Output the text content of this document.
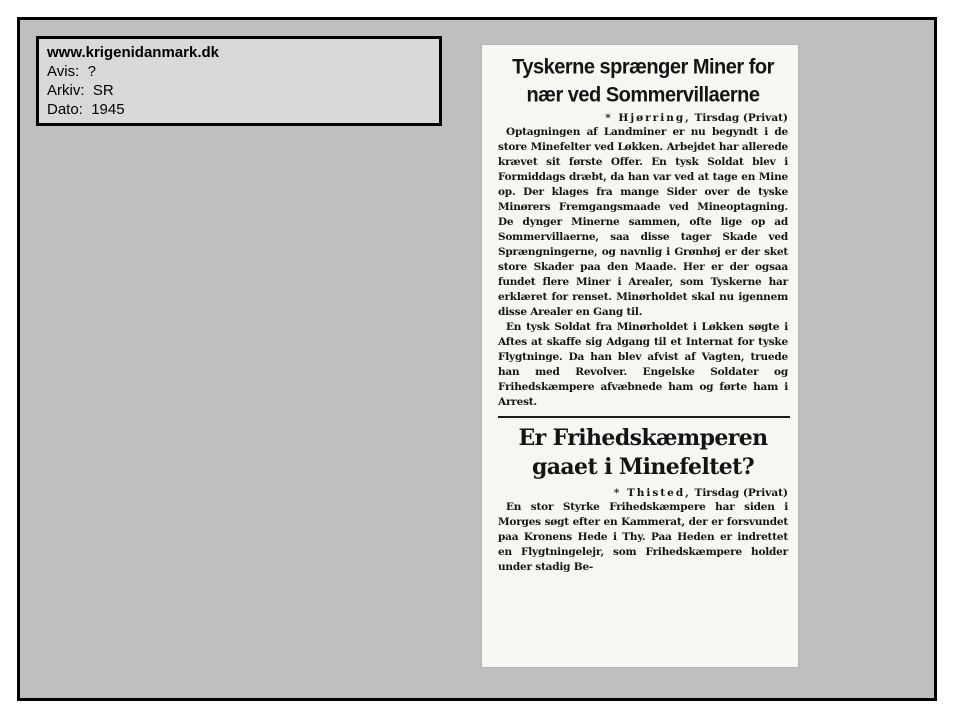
www.krigenidanmark.dk
Avis: ?
Arkiv: SR
Dato: 1945
Tyskerne sprænger Miner for nær ved Sommervillaerne

* Hjørring, Tirsdag (Privat)

Optagningen af Landminer er nu begyndt i de store Minefelter ved Løkken. Arbejdet har allerede krævet sit første Offer. En tysk Soldat blev i Formiddags dræbt, da han var ved at tage en Mine op. Der klages fra mange Sider over de tyske Minørers Fremgangsmaade ved Mineoptagning. De dynger Minerne sammen, ofte lige op ad Sommervillaerne, saa disse tager Skade ved Sprængningerne, og navnlig i Grønhøj er der sket store Skader paa den Maade. Her er der ogsaa fundet flere Miner i Arealer, som Tyskerne har erklæret for renset. Minørholdet skal nu igennem disse Arealer en Gang til.

En tysk Soldat fra Minørholdet i Løkken søgte i Aftes at skaffe sig Adgang til et Internat for tyske Flygtninge. Da han blev afvist af Vagten, truede han med Revolver. Engelske Soldater og Frihedskæmpere afvæbnede ham og førte ham i Arrest.

Er Frihedskæmperen gaaet i Minefeltet?

* Thisted, Tirsdag (Privat)

En stor Styrke Frihedskæmpere har siden i Morges søgt efter en Kammerat, der er forsvundet paa Kronens Hede i Thy. Paa Heden er indrettet en Flygtningelejr, som Frihedskæmpere holder under stadig Be-
